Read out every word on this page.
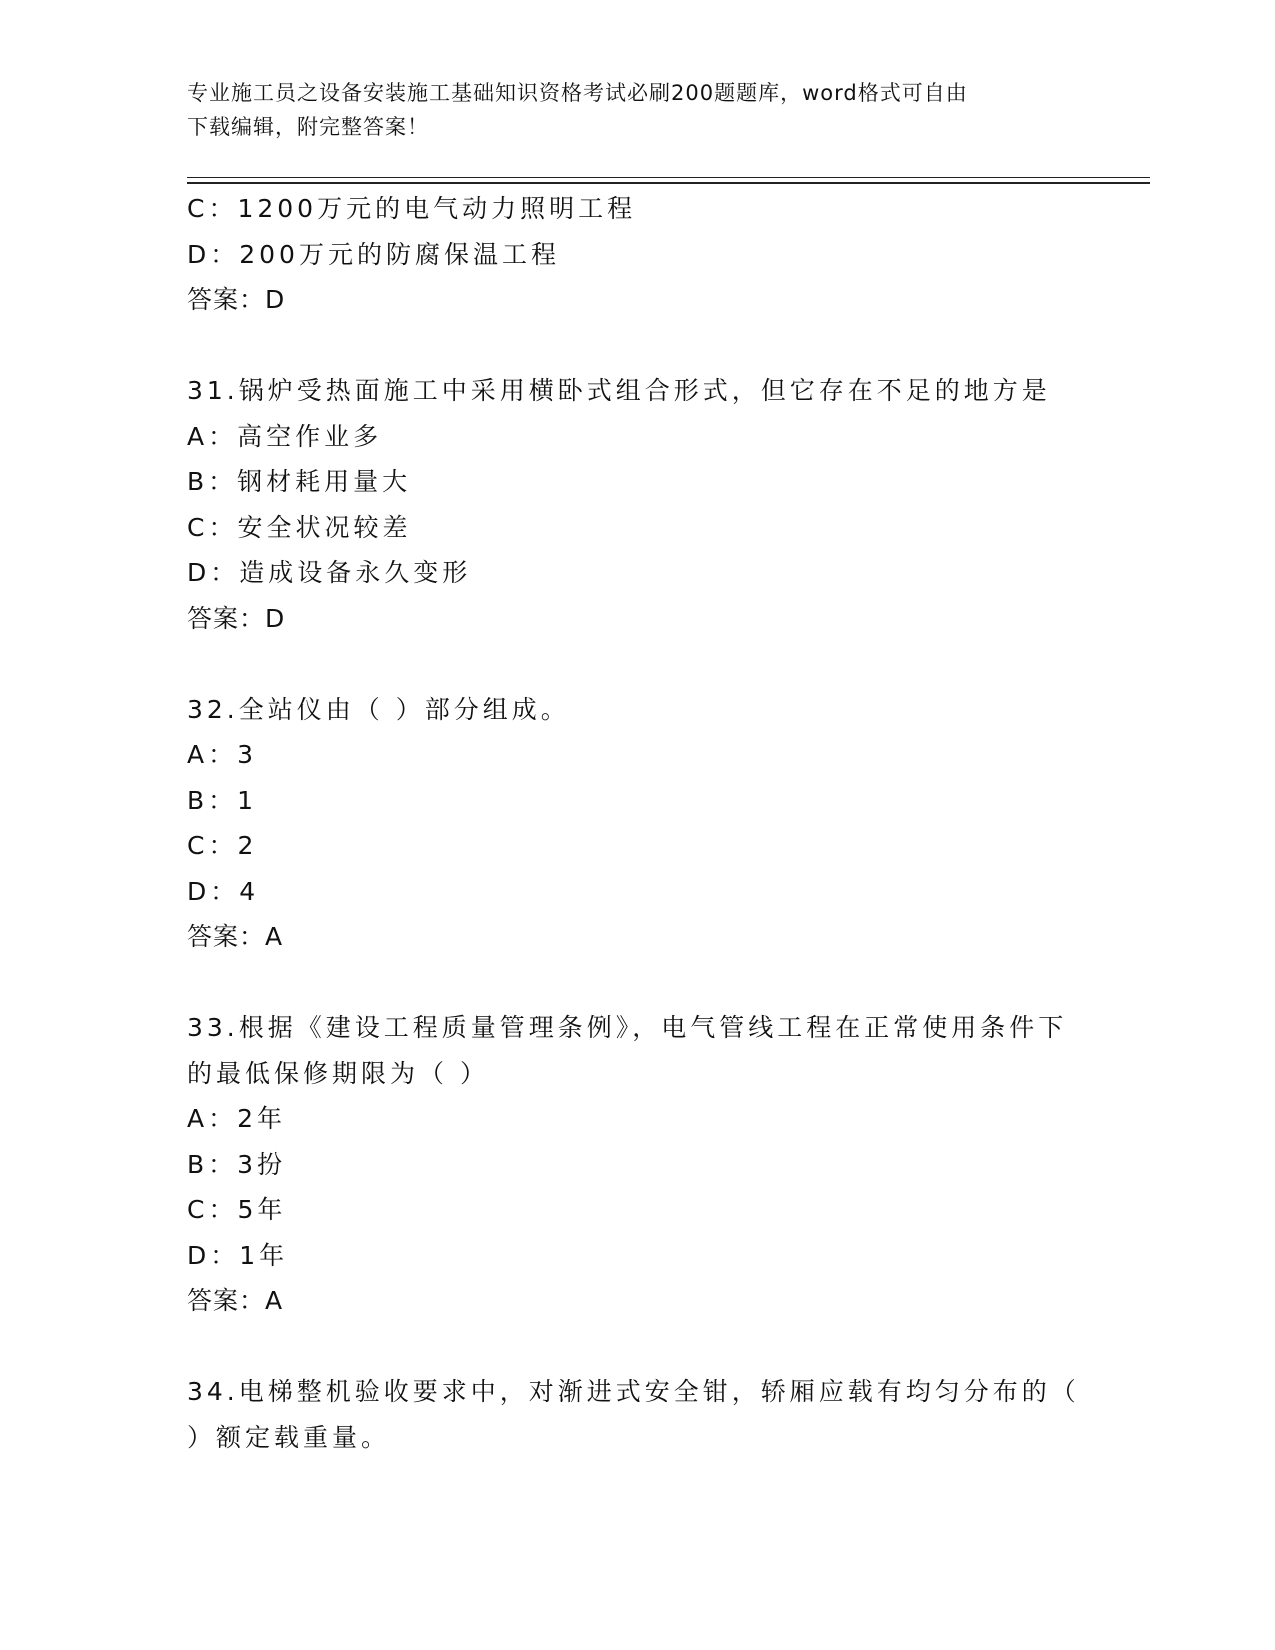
专业施工员之设备安装施工基础知识资格考试必刷200题题库，word格式可自由
下载编辑，附完整答案！
C：1200万元的电气动力照明工程
D：200万元的防腐保温工程
答案：D
31.锅炉受热面施工中采用横卧式组合形式，但它存在不足的地方是
A：高空作业多
B：钢材耗用量大
C：安全状况较差
D：造成设备永久变形
答案：D
32.全站仪由（ ）部分组成。
A：3
B：1
C：2
D：4
答案：A
33.根据《建设工程质量管理条例》，电气管线工程在正常使用条件下
的最低保修期限为（ ）
A：2年
B：3扮
C：5年
D：1年
答案：A
34.电梯整机验收要求中，对渐进式安全钳，轿厢应载有均匀分布的（
）额定载重量。
